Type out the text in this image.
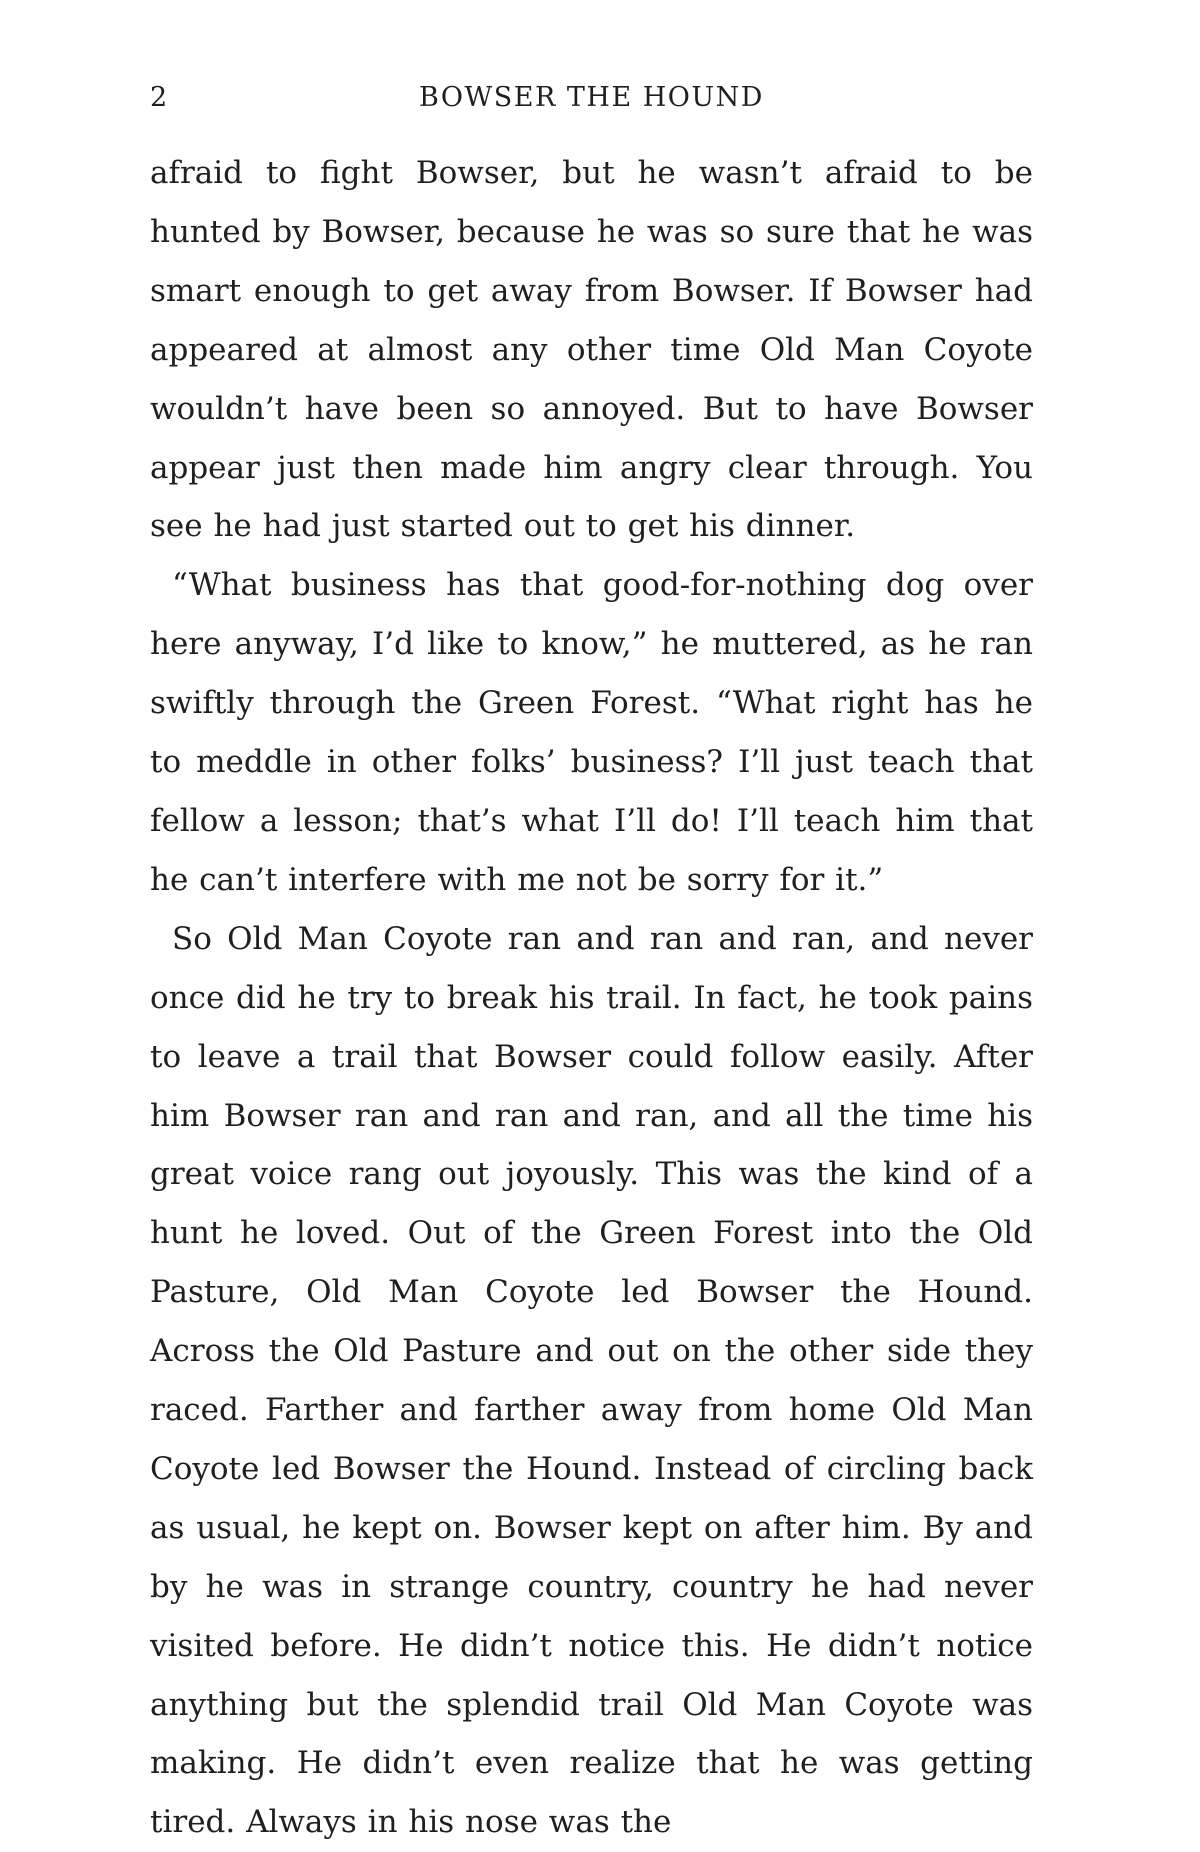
2	BOWSER THE HOUND

afraid to fight Bowser, but he wasn’t afraid to be hunted by Bowser, because he was so sure that he was smart enough to get away from Bowser. If Bowser had appeared at almost any other time Old Man Coyote wouldn’t have been so annoyed. But to have Bowser appear just then made him angry clear through. You see he had just started out to get his dinner.

“What business has that good-for-nothing dog over here anyway, I’d like to know,” he muttered, as he ran swiftly through the Green Forest. “What right has he to meddle in other folks’ business? I’ll just teach that fellow a lesson; that’s what I’ll do! I’ll teach him that he can’t interfere with me not be sorry for it.”

So Old Man Coyote ran and ran and ran, and never once did he try to break his trail. In fact, he took pains to leave a trail that Bowser could follow easily. After him Bowser ran and ran and ran, and all the time his great voice rang out joyously. This was the kind of a hunt he loved. Out of the Green Forest into the Old Pasture, Old Man Coyote led Bowser the Hound. Across the Old Pasture and out on the other side they raced. Farther and farther away from home Old Man Coyote led Bowser the Hound. Instead of circling back as usual, he kept on. Bowser kept on after him. By and by he was in strange country, country he had never visited before. He didn’t notice this. He didn’t notice anything but the splendid trail Old Man Coyote was making. He didn’t even realize that he was getting tired. Always in his nose was the
